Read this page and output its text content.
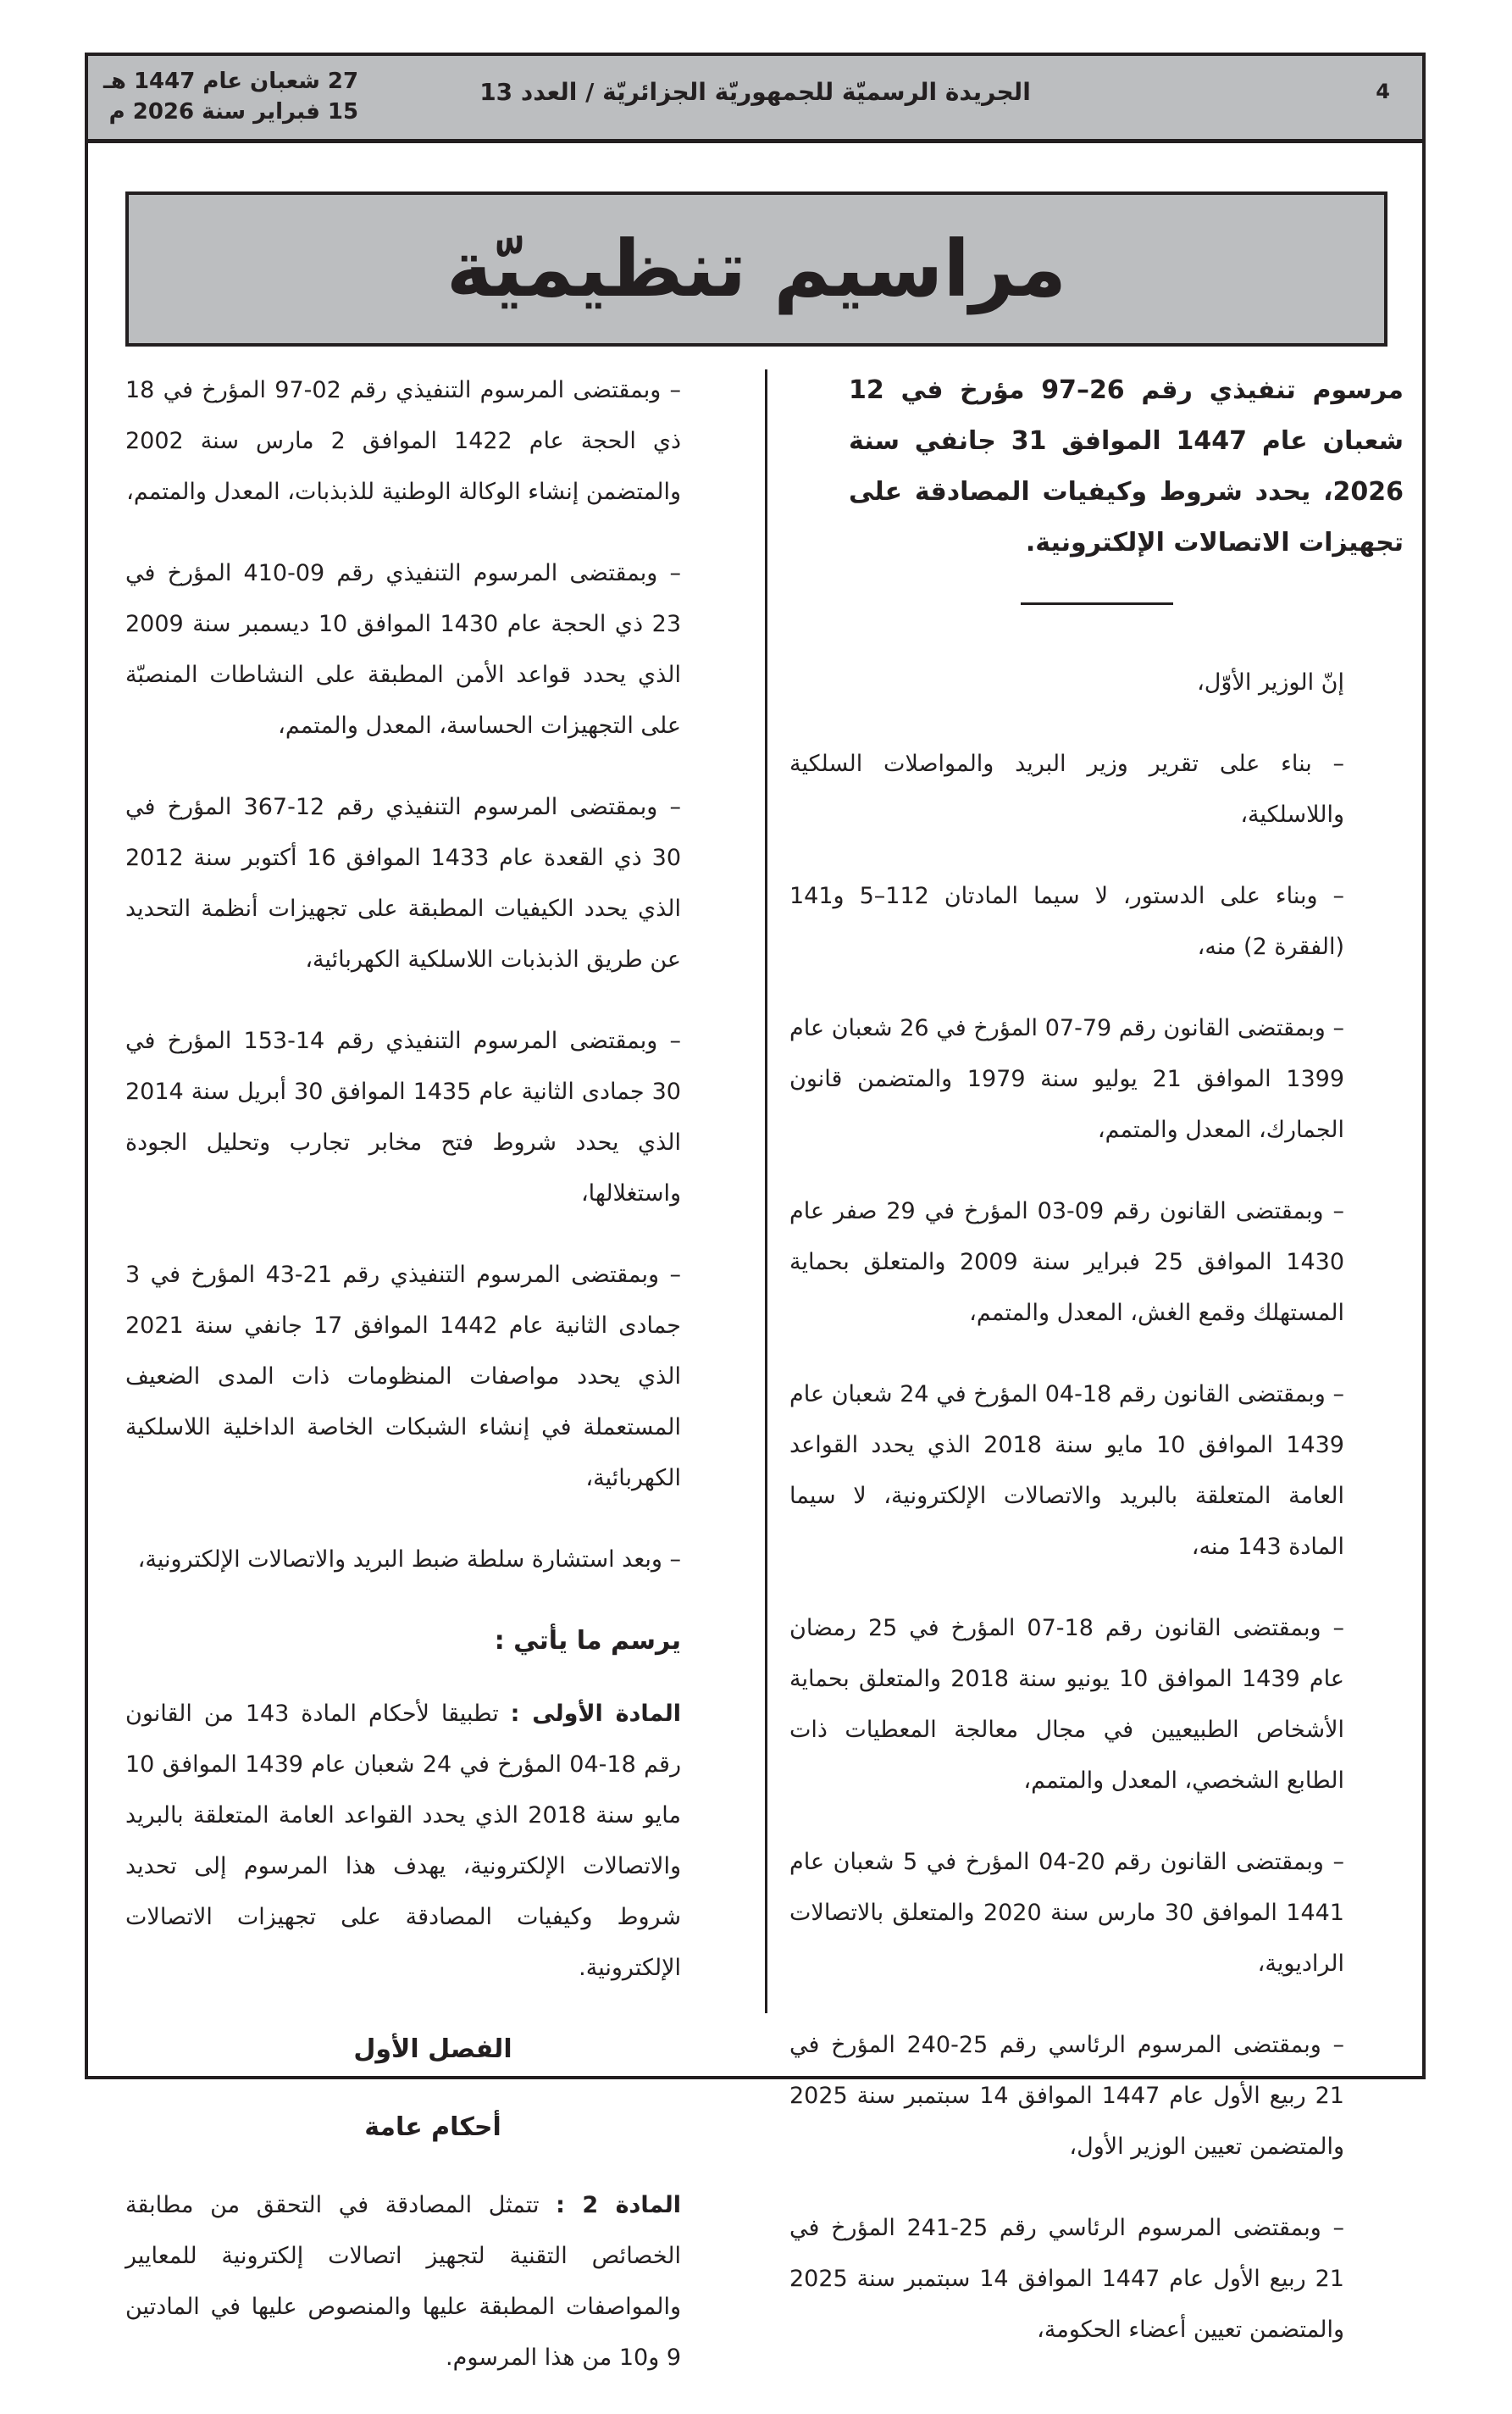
4
الجريدة الرسميّة للجمهوريّة الجزائريّة / العدد 13
27 شعبان عام 1447 هـ
15 فبراير سنة 2026 م
مراسيم تنظيميّة
مرسوم تنفيذي رقم 26–97 مؤرخ في 12 شعبان عام 1447 الموافق 31 جانفي سنة 2026، يحدد شروط وكيفيات المصادقة على تجهيزات الاتصالات الإلكترونية.

إنّ الوزير الأوّل،

– بناء على تقرير وزير البريد والمواصلات السلكية واللاسلكية،

– وبناء على الدستور، لا سيما المادتان 112–5 و141 (الفقرة 2) منه،

– وبمقتضى القانون رقم 79-07 المؤرخ في 26 شعبان عام 1399 الموافق 21 يوليو سنة 1979 والمتضمن قانون الجمارك، المعدل والمتمم،

– وبمقتضى القانون رقم 09-03 المؤرخ في 29 صفر عام 1430 الموافق 25 فبراير سنة 2009 والمتعلق بحماية المستهلك وقمع الغش، المعدل والمتمم،

– وبمقتضى القانون رقم 18-04 المؤرخ في 24 شعبان عام 1439 الموافق 10 مايو سنة 2018 الذي يحدد القواعد العامة المتعلقة بالبريد والاتصالات الإلكترونية، لا سيما المادة 143 منه،

– وبمقتضى القانون رقم 18-07 المؤرخ في 25 رمضان عام 1439 الموافق 10 يونيو سنة 2018 والمتعلق بحماية الأشخاص الطبيعيين في مجال معالجة المعطيات ذات الطابع الشخصي، المعدل والمتمم،

– وبمقتضى القانون رقم 20-04 المؤرخ في 5 شعبان عام 1441 الموافق 30 مارس سنة 2020 والمتعلق بالاتصالات الراديوية،

– وبمقتضى المرسوم الرئاسي رقم 25-240 المؤرخ في 21 ربيع الأول عام 1447 الموافق 14 سبتمبر سنة 2025 والمتضمن تعيين الوزير الأول،

– وبمقتضى المرسوم الرئاسي رقم 25-241 المؤرخ في 21 ربيع الأول عام 1447 الموافق 14 سبتمبر سنة 2025 والمتضمن تعيين أعضاء الحكومة،

– وبمقتضى المرسوم التنفيذي رقم 02-97 المؤرخ في 18 ذي الحجة عام 1422 الموافق 2 مارس سنة 2002 والمتضمن إنشاء الوكالة الوطنية للذبذبات، المعدل والمتمم،

– وبمقتضى المرسوم التنفيذي رقم 09-410 المؤرخ في 23 ذي الحجة عام 1430 الموافق 10 ديسمبر سنة 2009 الذي يحدد قواعد الأمن المطبقة على النشاطات المنصبّة على التجهيزات الحساسة، المعدل والمتمم،

– وبمقتضى المرسوم التنفيذي رقم 12-367 المؤرخ في 30 ذي القعدة عام 1433 الموافق 16 أكتوبر سنة 2012 الذي يحدد الكيفيات المطبقة على تجهيزات أنظمة التحديد عن طريق الذبذبات اللاسلكية الكهربائية،

– وبمقتضى المرسوم التنفيذي رقم 14-153 المؤرخ في 30 جمادى الثانية عام 1435 الموافق 30 أبريل سنة 2014 الذي يحدد شروط فتح مخابر تجارب وتحليل الجودة واستغلالها،

– وبمقتضى المرسوم التنفيذي رقم 21-43 المؤرخ في 3 جمادى الثانية عام 1442 الموافق 17 جانفي سنة 2021 الذي يحدد مواصفات المنظومات ذات المدى الضعيف المستعملة في إنشاء الشبكات الخاصة الداخلية اللاسلكية الكهربائية،

– وبعد استشارة سلطة ضبط البريد والاتصالات الإلكترونية،

يرسم ما يأتي :

المادة الأولى : تطبيقا لأحكام المادة 143 من القانون رقم 18-04 المؤرخ في 24 شعبان عام 1439 الموافق 10 مايو سنة 2018 الذي يحدد القواعد العامة المتعلقة بالبريد والاتصالات الإلكترونية، يهدف هذا المرسوم إلى تحديد شروط وكيفيات المصادقة على تجهيزات الاتصالات الإلكترونية.

الفصل الأول
أحكام عامة

المادة 2 : تتمثل المصادقة في التحقق من مطابقة الخصائص التقنية لتجهيز اتصالات إلكترونية للمعايير والمواصفات المطبقة عليها والمنصوص عليها في المادتين 9 و10 من هذا المرسوم.
